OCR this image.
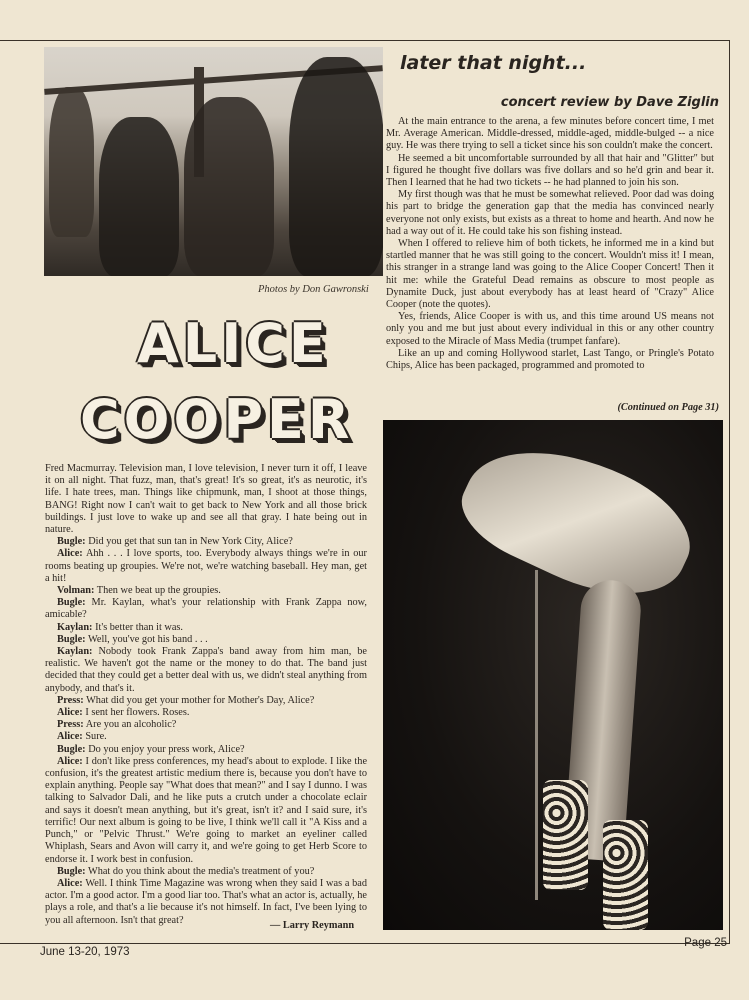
Photos by Don Gawronski
ALICE
COOPER
later that night...
concert review by Dave Ziglin

At the main entrance to the arena, a few minutes before concert time, I met Mr. Average American. Middle-dressed, middle-aged, middle-bulged -- a nice guy. He was there trying to sell a ticket since his son couldn't make the concert.

He seemed a bit uncomfortable surrounded by all that hair and "Glitter" but I figured he thought five dollars was five dollars and so he'd grin and bear it. Then I learned that he had two tickets -- he had planned to join his son.

My first though was that he must be somewhat relieved. Poor dad was doing his part to bridge the generation gap that the media has convinced nearly everyone not only exists, but exists as a threat to home and hearth. And now he had a way out of it. He could take his son fishing instead.

When I offered to relieve him of both tickets, he informed me in a kind but startled manner that he was still going to the concert. Wouldn't miss it! I mean, this stranger in a strange land was going to the Alice Cooper Concert! Then it hit me: while the Grateful Dead remains as obscure to most people as Dynamite Duck, just about everybody has at least heard of "Crazy" Alice Cooper (note the quotes).

Yes, friends, Alice Cooper is with us, and this time around US means not only you and me but just about every individual in this or any other country exposed to the Miracle of Mass Media (trumpet fanfare).

Like an up and coming Hollywood starlet, Last Tango, or Pringle's Potato Chips, Alice has been packaged, programmed and promoted to

(Continued on Page 31)

Fred Macmurray. Television man, I love television, I never turn it off, I leave it on all night. That fuzz, man, that's great! It's so great, it's as neurotic, it's life. I hate trees, man. Things like chipmunk, man, I shoot at those things, BANG! Right now I can't wait to get back to New York and all those brick buildings. I just love to wake up and see all that gray. I hate being out in nature.

Bugle: Did you get that sun tan in New York City, Alice?

Alice: Ahh . . . I love sports, too. Everybody always things we're in our rooms beating up groupies. We're not, we're watching baseball. Hey man, get a hit!

Volman: Then we beat up the groupies.

Bugle: Mr. Kaylan, what's your relationship with Frank Zappa now, amicable?

Kaylan: It's better than it was.

Bugle: Well, you've got his band . . .

Kaylan: Nobody took Frank Zappa's band away from him man, be realistic. We haven't got the name or the money to do that. The band just decided that they could get a better deal with us, we didn't steal anything from anybody, and that's it.

Press: What did you get your mother for Mother's Day, Alice?

Alice: I sent her flowers. Roses.

Press: Are you an alcoholic?

Alice: Sure.

Bugle: Do you enjoy your press work, Alice?

Alice: I don't like press conferences, my head's about to explode. I like the confusion, it's the greatest artistic medium there is, because you don't have to explain anything. People say "What does that mean?" and I say I dunno. I was talking to Salvador Dali, and he like puts a crutch under a chocolate eclair and says it doesn't mean anything, but it's great, isn't it? and I said sure, it's terrific! Our next album is going to be live, I think we'll call it "A Kiss and a Punch," or "Pelvic Thrust." We're going to market an eyeliner called Whiplash, Sears and Avon will carry it, and we're going to get Herb Score to endorse it. I work best in confusion.

Bugle: What do you think about the media's treatment of you?

Alice: Well. I think Time Magazine was wrong when they said I was a bad actor. I'm a good actor. I'm a good liar too. That's what an actor is, actually, he plays a role, and that's a lie because it's not himself. In fact, I've been lying to you all afternoon. Isn't that great?	— Larry Reymann
June 13-20, 1973
Page 25
